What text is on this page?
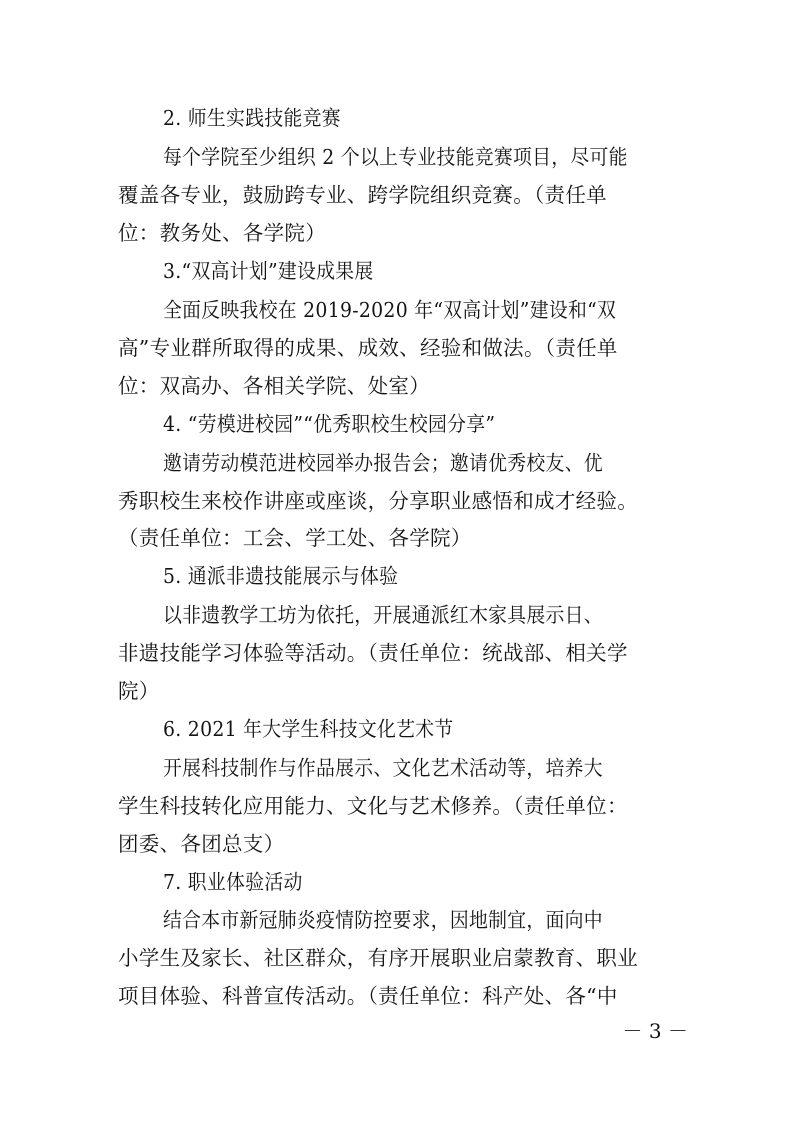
2. 师生实践技能竞赛
每个学院至少组织 2 个以上专业技能竞赛项目，尽可能
覆盖各专业，鼓励跨专业、跨学院组织竞赛。（责任单
位：教务处、各学院）
3.“双高计划”建设成果展
全面反映我校在 2019-2020 年“双高计划”建设和“双
高”专业群所取得的成果、成效、经验和做法。（责任单
位：双高办、各相关学院、处室）
4. “劳模进校园”“优秀职校生校园分享”
邀请劳动模范进校园举办报告会；邀请优秀校友、优
秀职校生来校作讲座或座谈，分享职业感悟和成才经验。
（责任单位：工会、学工处、各学院）
5. 通派非遗技能展示与体验
以非遗教学工坊为依托，开展通派红木家具展示日、
非遗技能学习体验等活动。（责任单位：统战部、相关学
院）
6. 2021 年大学生科技文化艺术节
开展科技制作与作品展示、文化艺术活动等，培养大
学生科技转化应用能力、文化与艺术修养。（责任单位：
团委、各团总支）
7. 职业体验活动
结合本市新冠肺炎疫情防控要求，因地制宜，面向中
小学生及家长、社区群众，有序开展职业启蒙教育、职业
项目体验、科普宣传活动。（责任单位：科产处、各“中
－ 3 －
